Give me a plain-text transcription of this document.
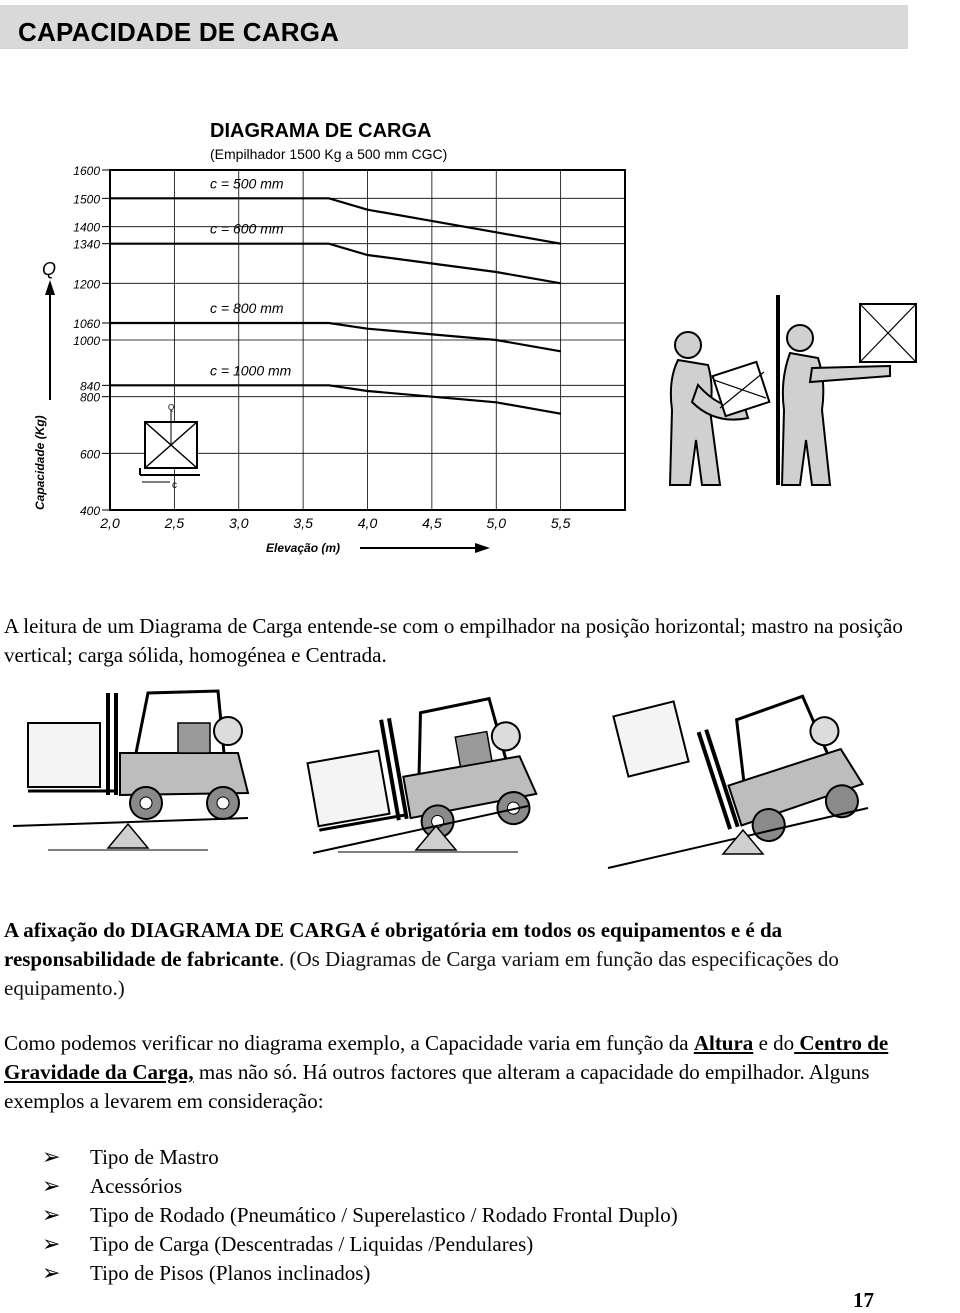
CAPACIDADE DE CARGA
DIAGRAMA DE CARGA
(Empilhador 1500 Kg a 500 mm CGC)
1600
1500
1400
1340
1200
1060
1000
840
800
600
400
2,0	2,5	3,0	3,5	4,0	4,5	5,0	5,5
c = 500 mm
c = 600 mm
c = 800 mm
c = 1000 mm
Q
Capacidade (Kg)
Elevação (m)
Q
c
A leitura de um Diagrama de Carga entende-se com o empilhador na posição horizontal; mastro na posição vertical; carga sólida, homogénea e Centrada.
A afixação do DIAGRAMA DE CARGA é obrigatória em todos os equipamentos e é da responsabilidade de fabricante. (Os Diagramas de Carga variam em função das especificações do equipamento.)
Como podemos verificar no diagrama exemplo, a Capacidade varia em função da Altura e do Centro de Gravidade da Carga, mas não só. Há outros factores que alteram a capacidade do empilhador. Alguns exemplos a levarem em consideração:
➢ Tipo de Mastro
➢ Acessórios
➢ Tipo de Rodado (Pneumático / Superelastico / Rodado Frontal Duplo)
➢ Tipo de Carga (Descentradas / Liquidas /Pendulares)
➢ Tipo de Pisos (Planos inclinados)
17
